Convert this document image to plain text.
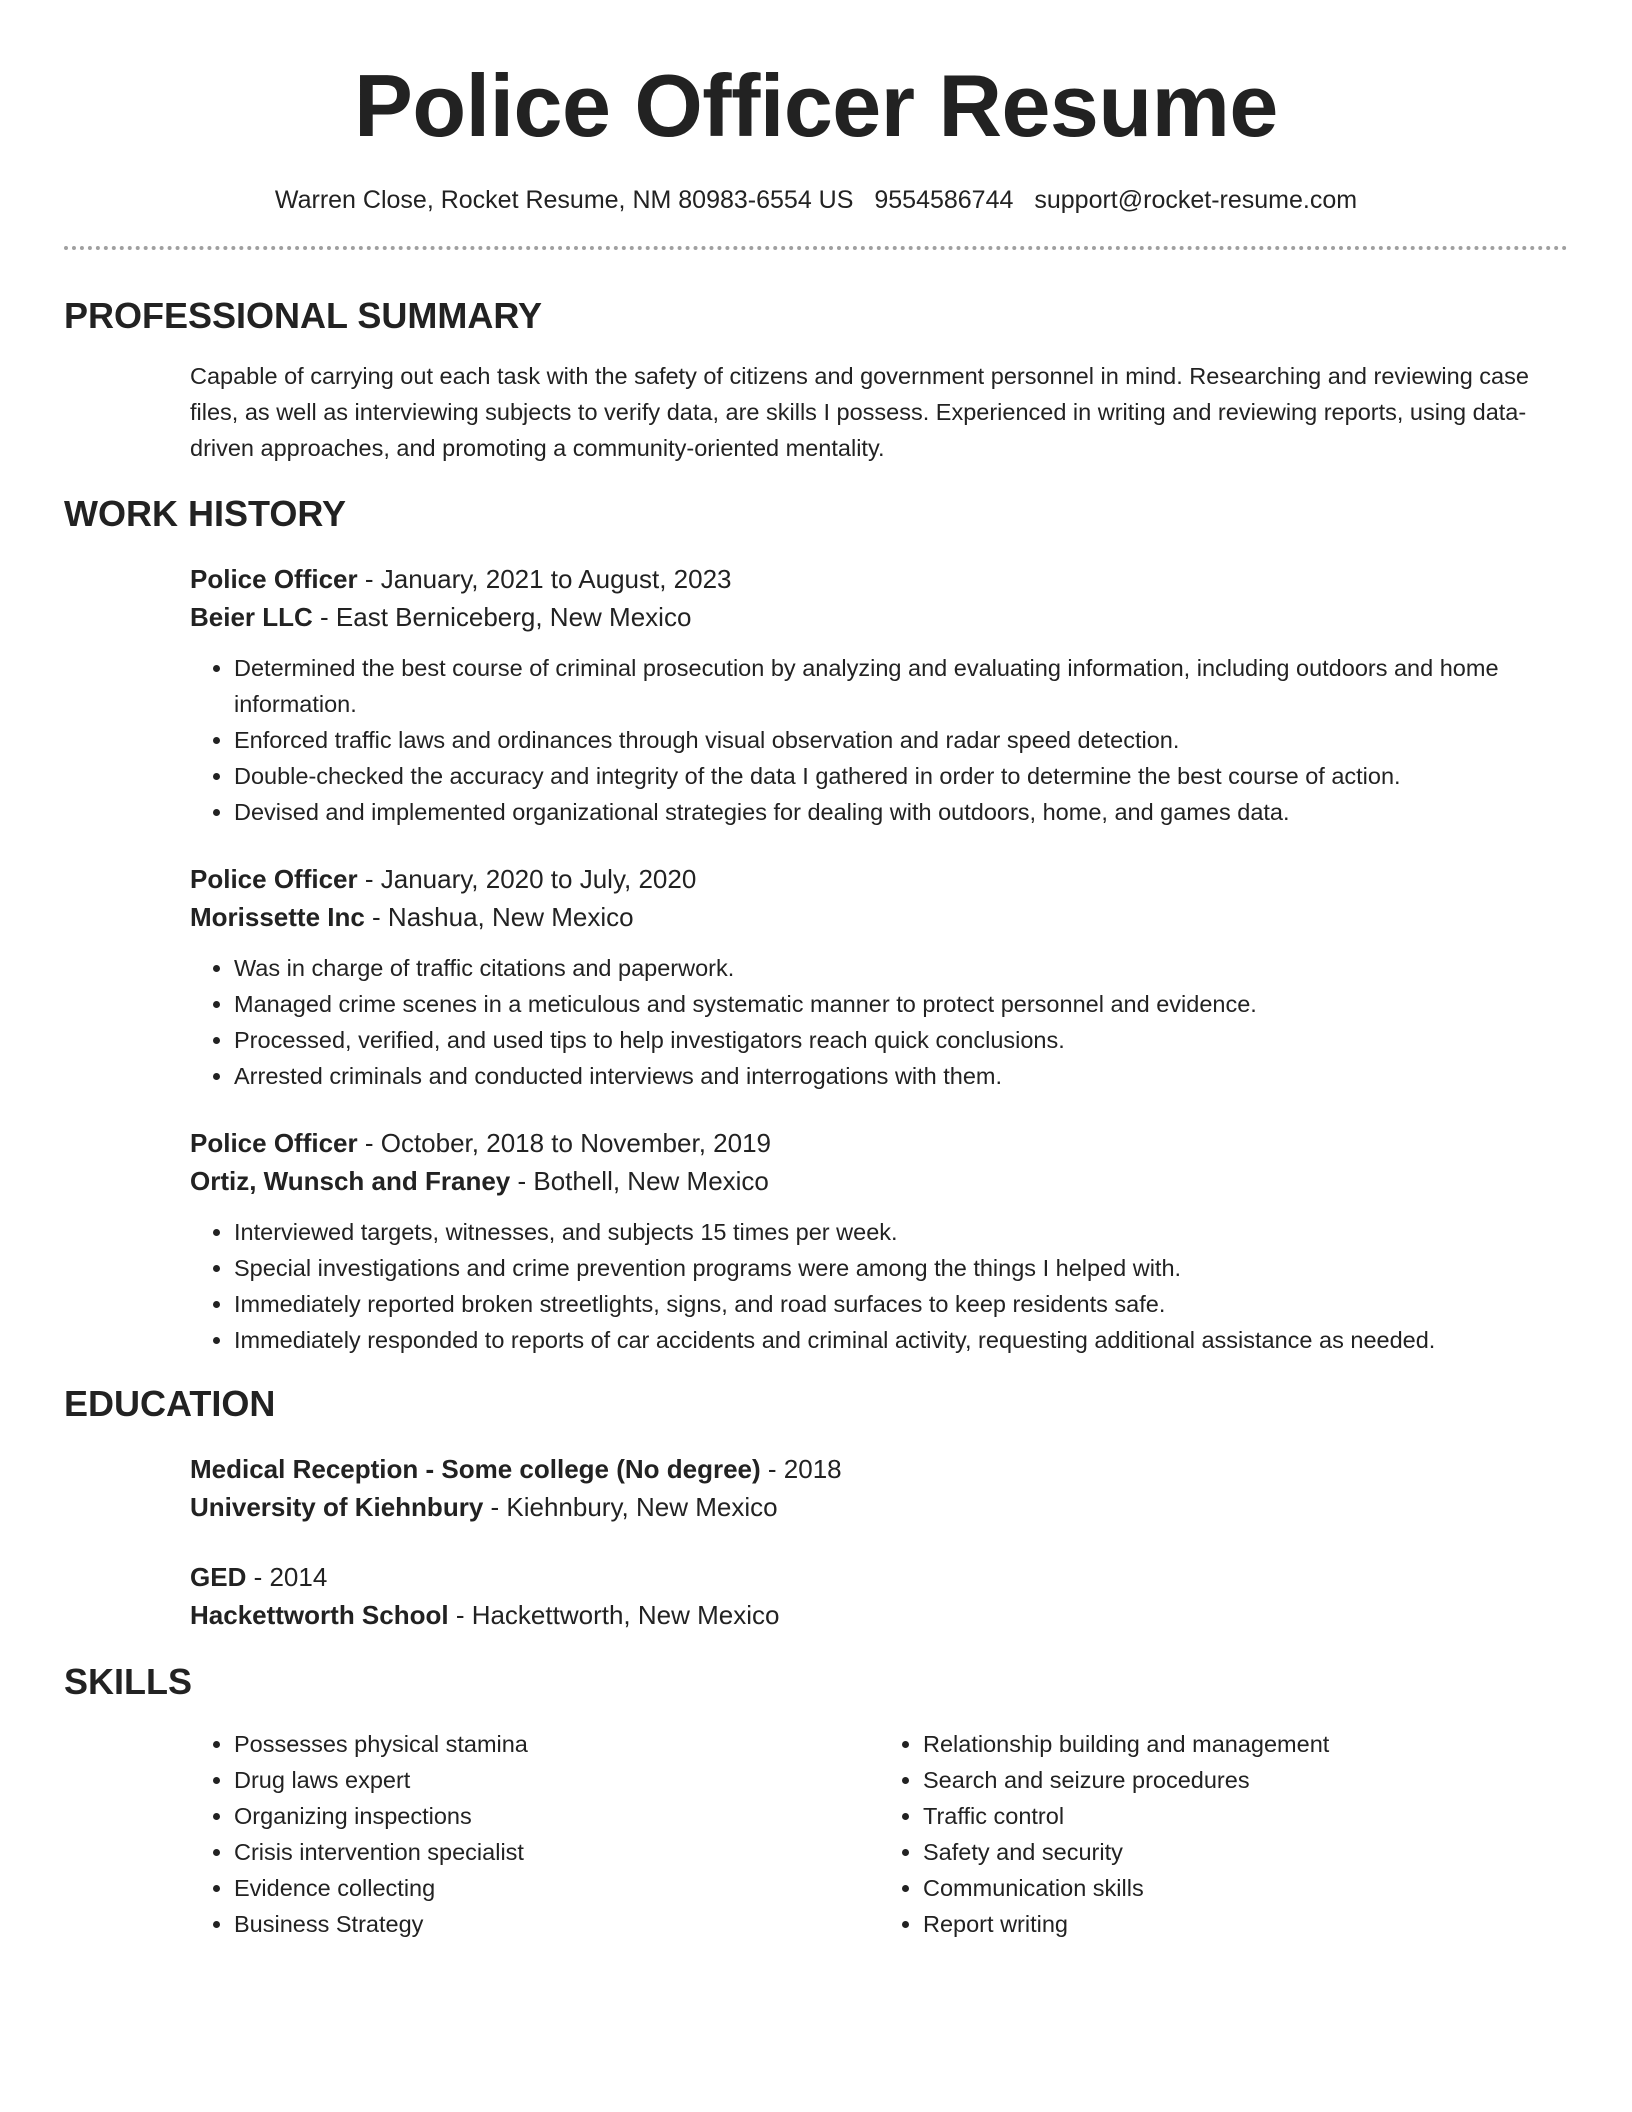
Police Officer Resume
Warren Close, Rocket Resume, NM 80983-6554 US 9554586744 support@rocket-resume.com
PROFESSIONAL SUMMARY

Capable of carrying out each task with the safety of citizens and government personnel in mind. Researching and reviewing case files, as well as interviewing subjects to verify data, are skills I possess. Experienced in writing and reviewing reports, using data-driven approaches, and promoting a community-oriented mentality.

WORK HISTORY
Police Officer - January, 2021 to August, 2023
Beier LLC - East Berniceberg, New Mexico
• Determined the best course of criminal prosecution by analyzing and evaluating information, including outdoors and home information.
• Enforced traffic laws and ordinances through visual observation and radar speed detection.
• Double-checked the accuracy and integrity of the data I gathered in order to determine the best course of action.
• Devised and implemented organizational strategies for dealing with outdoors, home, and games data.
Police Officer - January, 2020 to July, 2020
Morissette Inc - Nashua, New Mexico
• Was in charge of traffic citations and paperwork.
• Managed crime scenes in a meticulous and systematic manner to protect personnel and evidence.
• Processed, verified, and used tips to help investigators reach quick conclusions.
• Arrested criminals and conducted interviews and interrogations with them.
Police Officer - October, 2018 to November, 2019
Ortiz, Wunsch and Franey - Bothell, New Mexico
• Interviewed targets, witnesses, and subjects 15 times per week.
• Special investigations and crime prevention programs were among the things I helped with.
• Immediately reported broken streetlights, signs, and road surfaces to keep residents safe.
• Immediately responded to reports of car accidents and criminal activity, requesting additional assistance as needed.
EDUCATION
Medical Reception - Some college (No degree) - 2018
University of Kiehnbury - Kiehnbury, New Mexico
GED - 2014
Hackettworth School - Hackettworth, New Mexico
SKILLS
• Possesses physical stamina
• Drug laws expert
• Organizing inspections
• Crisis intervention specialist
• Evidence collecting
• Business Strategy
• Relationship building and management
• Search and seizure procedures
• Traffic control
• Safety and security
• Communication skills
• Report writing
